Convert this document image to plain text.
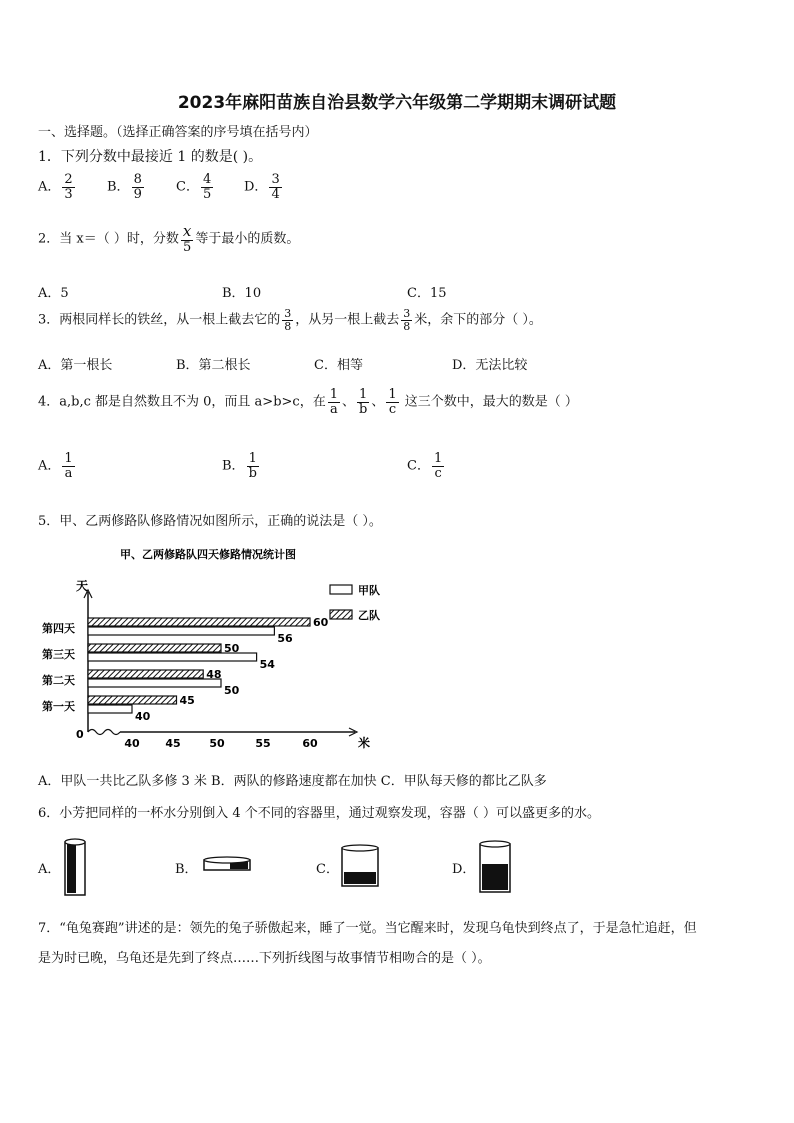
2023年麻阳苗族自治县数学六年级第二学期期末调研试题
一、选择题。（选择正确答案的序号填在括号内）
1．下列分数中最接近 1 的数是( )。
A． $\frac{2}{3}$ B． $\frac{8}{9}$ C． $\frac{4}{5}$ D． $\frac{3}{4}$
2．当 x＝（ ）时，分数 $\frac{x}{5}$ 等于最小的质数。
A．5	B．10	C．15
3．两根同样长的铁丝，从一根上截去它的 $\frac{3}{8}$ ，从另一根上截去 $\frac{3}{8}$ 米，余下的部分（ ）。
A．第一根长	B．第二根长	C．相等	D．无法比较
4．a,b,c 都是自然数且不为 0，而且 a>b>c，在 $\frac{1}{a}$ 、 $\frac{1}{b}$ 、 $\frac{1}{c}$ 这三个数中，最大的数是（ ）
A． $\frac{1}{a}$	B． $\frac{1}{b}$	C． $\frac{1}{c}$
5．甲、乙两修路队修路情况如图所示，正确的说法是（ ）。
甲、乙两修路队四天修路情况统计图
天
米
0
甲队
乙队
第一天
第二天
第三天
第四天
40 45	50	55	60
40
45
50
48
54
50
56
60
A．甲队一共比乙队多修 3 米 B．两队的修路速度都在加快 C．甲队每天修的都比乙队多
6．小芳把同样的一杯水分别倒入 4 个不同的容器里，通过观察发现，容器（ ）可以盛更多的水。
A．	B．	C．	D．
7．“龟兔赛跑”讲述的是：领先的兔子骄傲起来，睡了一觉。当它醒来时，发现乌龟快到终点了，于是急忙追赶，但
是为时已晚，乌龟还是先到了终点……下列折线图与故事情节相吻合的是（ ）。
